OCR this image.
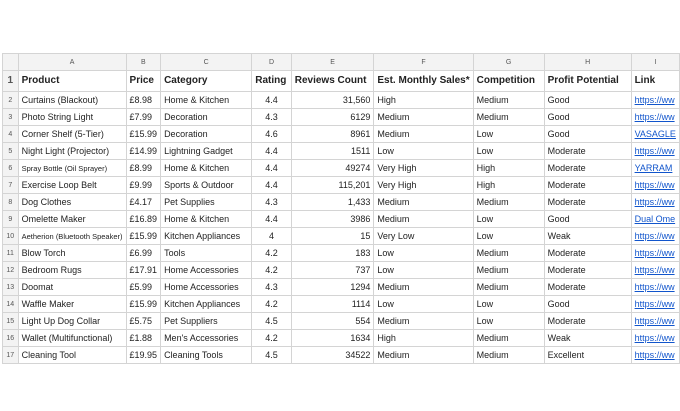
	A	B	C	D	E	F	G	H	I
1	Product	Price	Category	Rating	Reviews Count	Est. Monthly Sales*	Competition	Profit Potential	Link
2	Curtains (Blackout)	£8.98	Home & Kitchen	4.4	31,560	High	Medium	Good	https://ww
3	Photo String Light	£7.99	Decoration	4.3	6129	Medium	Medium	Good	https://ww
4	Corner Shelf (5-Tier)	£15.99	Decoration	4.6	8961	Medium	Low	Good	VASAGLE
5	Night Light (Projector)	£14.99	Lightning Gadget	4.4	1511	Low	Low	Moderate	https://ww
6	Spray Bottle (Oil Sprayer)	£8.99	Home & Kitchen	4.4	49274	Very High	High	Moderate	YARRAM
7	Exercise Loop Belt	£9.99	Sports & Outdoor	4.4	115,201	Very High	High	Moderate	https://ww
8	Dog Clothes	£4.17	Pet Supplies	4.3	1,433	Medium	Medium	Moderate	https://ww
9	Omelette Maker	£16.89	Home & Kitchen	4.4	3986	Medium	Low	Good	Dual Ome
10	Aetherion (Bluetooth Speaker)	£15.99	Kitchen Appliances	4	15	Very Low	Low	Weak	https://ww
11	Blow Torch	£6.99	Tools	4.2	183	Low	Medium	Moderate	https://ww
12	Bedroom Rugs	£17.91	Home Accessories	4.2	737	Low	Medium	Moderate	https://ww
13	Doomat	£5.99	Home Accessories	4.3	1294	Medium	Medium	Moderate	https://ww
14	Waffle Maker	£15.99	Kitchen Appliances	4.2	1114	Low	Low	Good	https://ww
15	Light Up Dog Collar	£5.75	Pet Suppliers	4.5	554	Medium	Low	Moderate	https://ww
16	Wallet (Multifunctional)	£1.88	Men's Accessories	4.2	1634	High	Medium	Weak	https://ww
17	Cleaning Tool	£19.95	Cleaning Tools	4.5	34522	Medium	Medium	Excellent	https://ww
